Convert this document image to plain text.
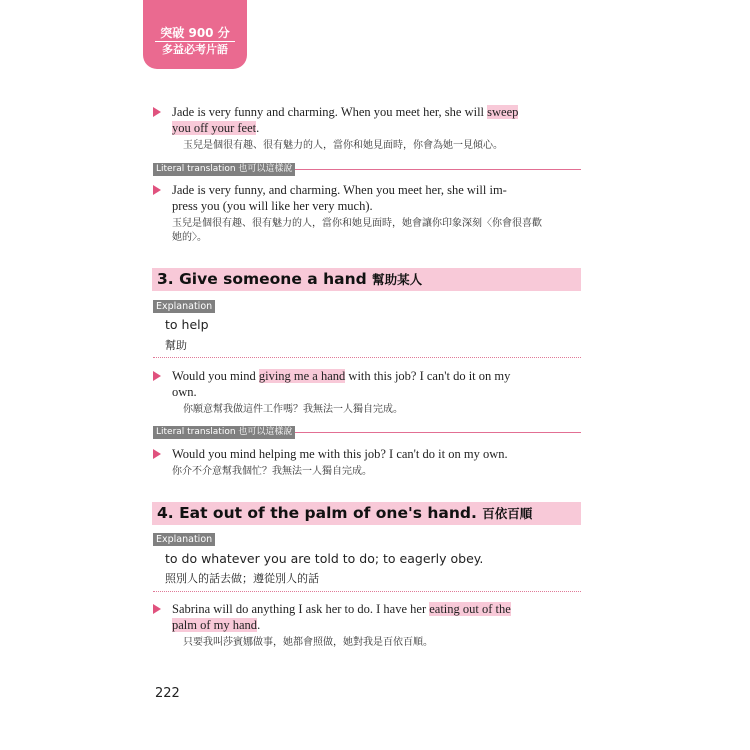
突破 900 分
多益必考片語
Jade is very funny and charming. When you meet her, she will sweep
you off your feet.
玉兒是個很有趣、很有魅力的人，當你和她見面時，你會為她一見傾心。
Literal translation 也可以這樣說
Jade is very funny, and charming. When you meet her, she will im-
press you (you will like her very much).
玉兒是個很有趣、很有魅力的人，當你和她見面時，她會讓你印象深刻〈你會很喜歡
她的〉。
3. Give someone a hand 幫助某人
Explanation
to help
幫助
Would you mind giving me a hand with this job? I can't do it on my
own.
你願意幫我做這件工作嗎？我無法一人獨自完成。
Literal translation 也可以這樣說
Would you mind helping me with this job? I can't do it on my own.
你介不介意幫我個忙？我無法一人獨自完成。
4. Eat out of the palm of one's hand. 百依百順
Explanation
to do whatever you are told to do; to eagerly obey.
照別人的話去做；遵從別人的話
Sabrina will do anything I ask her to do. I have her eating out of the
palm of my hand.
只要我叫莎賓娜做事，她都會照做，她對我是百依百順。
222
